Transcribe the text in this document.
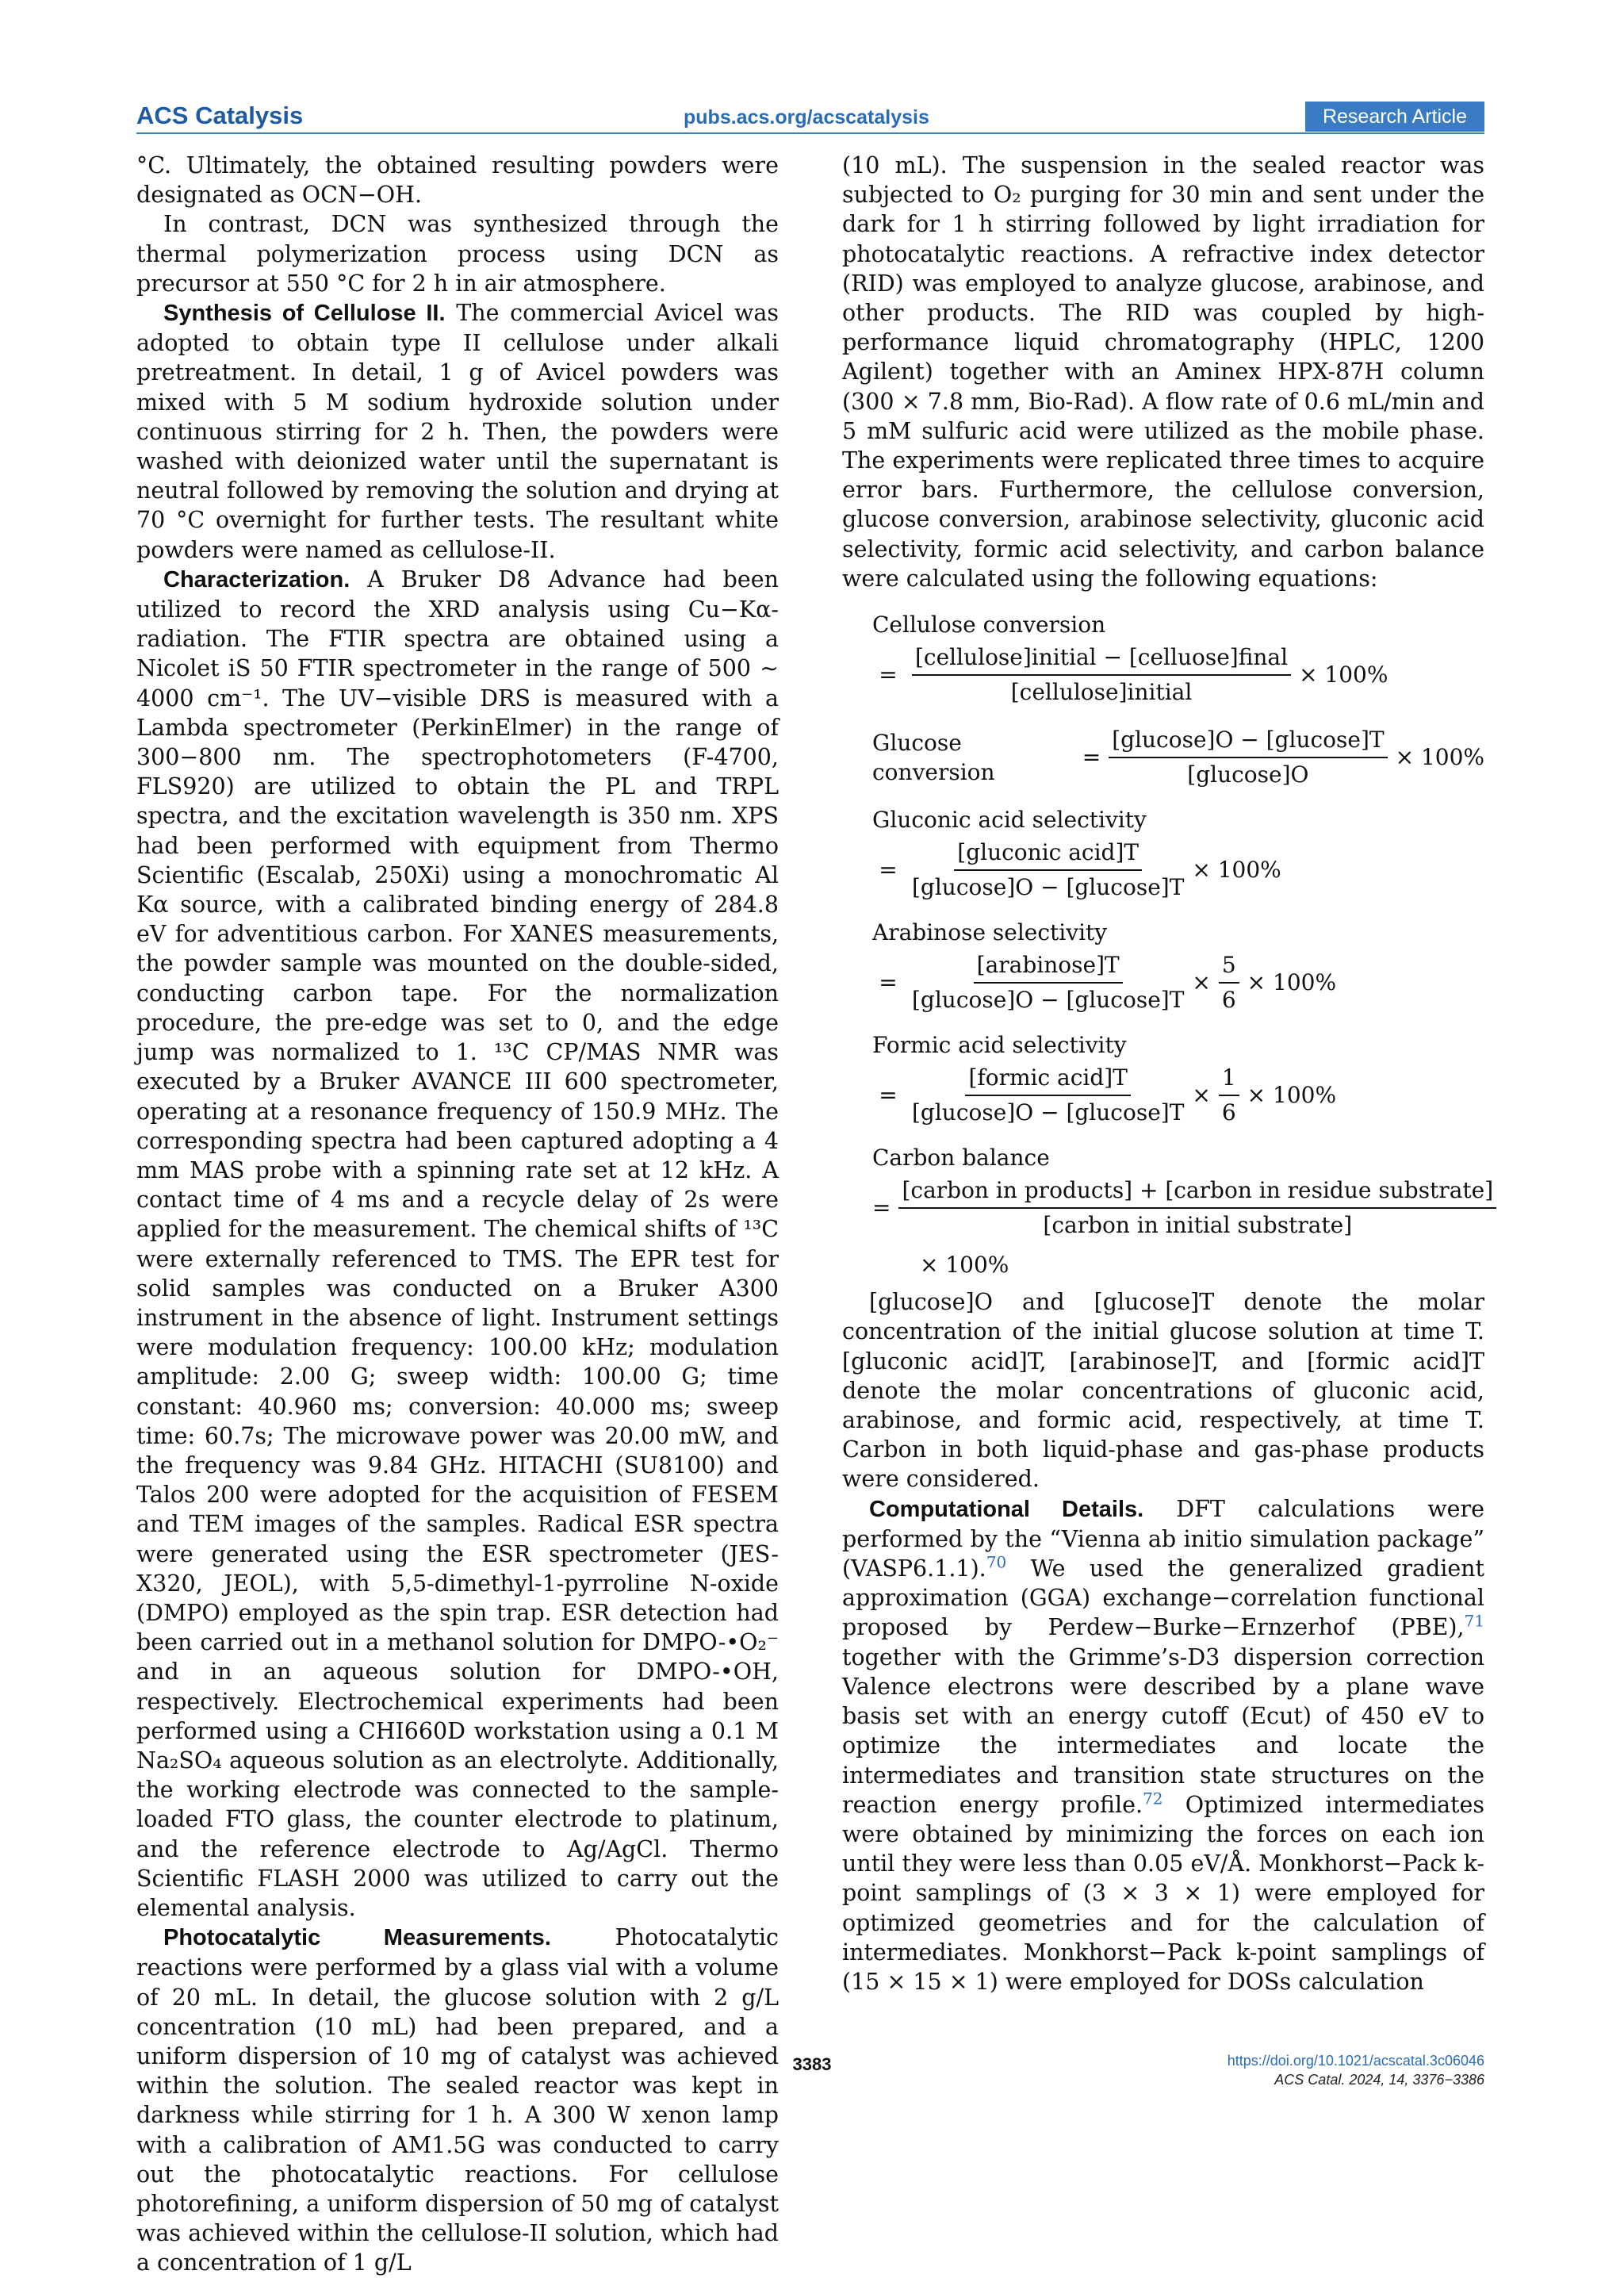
ACS Catalysis	pubs.acs.org/acscatalysis	Research Article

°C. Ultimately, the obtained resulting powders were designated as OCN−OH.

In contrast, DCN was synthesized through the thermal polymerization process using DCN as precursor at 550 °C for 2 h in air atmosphere.

Synthesis of Cellulose II. The commercial Avicel was adopted to obtain type II cellulose under alkali pretreatment. In detail, 1 g of Avicel powders was mixed with 5 M sodium hydroxide solution under continuous stirring for 2 h. Then, the powders were washed with deionized water until the supernatant is neutral followed by removing the solution and drying at 70 °C overnight for further tests. The resultant white powders were named as cellulose-II.

Characterization. A Bruker D8 Advance had been utilized to record the XRD analysis using Cu−Kα-radiation. The FTIR spectra are obtained using a Nicolet iS 50 FTIR spectrometer in the range of 500 ∼ 4000 cm⁻¹. The UV−visible DRS is measured with a Lambda spectrometer (PerkinElmer) in the range of 300−800 nm. The spectrophotometers (F-4700, FLS920) are utilized to obtain the PL and TRPL spectra, and the excitation wavelength is 350 nm. XPS had been performed with equipment from Thermo Scientific (Escalab, 250Xi) using a monochromatic Al Kα source, with a calibrated binding energy of 284.8 eV for adventitious carbon. For XANES measurements, the powder sample was mounted on the double-sided, conducting carbon tape. For the normalization procedure, the pre-edge was set to 0, and the edge jump was normalized to 1. ¹³C CP/MAS NMR was executed by a Bruker AVANCE III 600 spectrometer, operating at a resonance frequency of 150.9 MHz. The corresponding spectra had been captured adopting a 4 mm MAS probe with a spinning rate set at 12 kHz. A contact time of 4 ms and a recycle delay of 2s were applied for the measurement. The chemical shifts of ¹³C were externally referenced to TMS. The EPR test for solid samples was conducted on a Bruker A300 instrument in the absence of light. Instrument settings were modulation frequency: 100.00 kHz; modulation amplitude: 2.00 G; sweep width: 100.00 G; time constant: 40.960 ms; conversion: 40.000 ms; sweep time: 60.7s; The microwave power was 20.00 mW, and the frequency was 9.84 GHz. HITACHI (SU8100) and Talos 200 were adopted for the acquisition of FESEM and TEM images of the samples. Radical ESR spectra were generated using the ESR spectrometer (JES-X320, JEOL), with 5,5-dimethyl-1-pyrroline N-oxide (DMPO) employed as the spin trap. ESR detection had been carried out in a methanol solution for DMPO-•O₂⁻ and in an aqueous solution for DMPO-•OH, respectively. Electrochemical experiments had been performed using a CHI660D workstation using a 0.1 M Na₂SO₄ aqueous solution as an electrolyte. Additionally, the working electrode was connected to the sample-loaded FTO glass, the counter electrode to platinum, and the reference electrode to Ag/AgCl. Thermo Scientific FLASH 2000 was utilized to carry out the elemental analysis.

Photocatalytic Measurements.	Photocatalytic reactions were performed by a glass vial with a volume of 20 mL. In detail, the glucose solution with 2 g/L concentration (10 mL) had been prepared, and a uniform dispersion of 10 mg of catalyst was achieved within the solution. The sealed reactor was kept in darkness while stirring for 1 h. A 300 W xenon lamp with a calibration of AM1.5G was conducted to carry out the photocatalytic reactions. For cellulose photorefining, a uniform dispersion of 50 mg of catalyst was achieved within the cellulose-II solution, which had a concentration of 1 g/L

(10 mL). The suspension in the sealed reactor was subjected to O₂ purging for 30 min and sent under the dark for 1 h stirring followed by light irradiation for photocatalytic reactions. A refractive index detector (RID) was employed to analyze glucose, arabinose, and other products. The RID was coupled by high-performance liquid chromatography (HPLC, 1200 Agilent) together with an Aminex HPX-87H column (300 × 7.8 mm, Bio-Rad). A flow rate of 0.6 mL/min and 5 mM sulfuric acid were utilized as the mobile phase. The experiments were replicated three times to acquire error bars. Furthermore, the cellulose conversion, glucose conversion, arabinose selectivity, gluconic acid selectivity, formic acid selectivity, and carbon balance were calculated using the following equations:

Cellulose conversion
= $\frac{\text{[cellulose]initial − [celluose]final}}{\text{[cellulose]initial}} \times 100\%$
Glucose conversion
= $\frac{\text{[glucose]O − [glucose]T}}{\text{[glucose]O}} \times 100\%$
Gluconic acid selectivity
= $\frac{\text{[gluconic acid]T}}{\text{[glucose]O − [glucose]T}} \times 100\%$
Arabinose selectivity
= $\frac{\text{[arabinose]T}}{\text{[glucose]O − [glucose]T}} \times \frac{5}{6} \times 100\%$
Formic acid selectivity
= $\frac{\text{[formic acid]T}}{\text{[glucose]O − [glucose]T}} \times \frac{1}{6} \times 100\%$
Carbon balance
= $\frac{\text{[carbon in products] + [carbon in residue substrate]}}{\text{[carbon in initial substrate]}}$
× 100%

[glucose]O and [glucose]T denote the molar concentration of the initial glucose solution at time T. [gluconic acid]T, [arabinose]T, and [formic acid]T denote the molar concentrations of gluconic acid, arabinose, and formic acid, respectively, at time T. Carbon in both liquid-phase and gas-phase products were considered.

Computational Details. DFT calculations were performed by the “Vienna ab initio simulation package” (VASP6.1.1).$^{70}$ We used the generalized gradient approximation (GGA) exchange−correlation functional proposed by Perdew−Burke−Ernzerhof (PBE),$^{71}$ together with the Grimme’s-D3 dispersion correction Valence electrons were described by a plane wave basis set with an energy cutoff (Ecut) of 450 eV to optimize the intermediates and locate the intermediates and transition state structures on the reaction energy profile.$^{72}$ Optimized intermediates were obtained by minimizing the forces on each ion until they were less than 0.05 eV/Å. Monkhorst−Pack k-point samplings of (3 × 3 × 1) were employed for optimized geometries and for the calculation of intermediates. Monkhorst−Pack k-point samplings of (15 × 15 × 1) were employed for DOSs calculation

3383	https://doi.org/10.1021/acscatal.3c06046
ACS Catal. 2024, 14, 3376−3386
